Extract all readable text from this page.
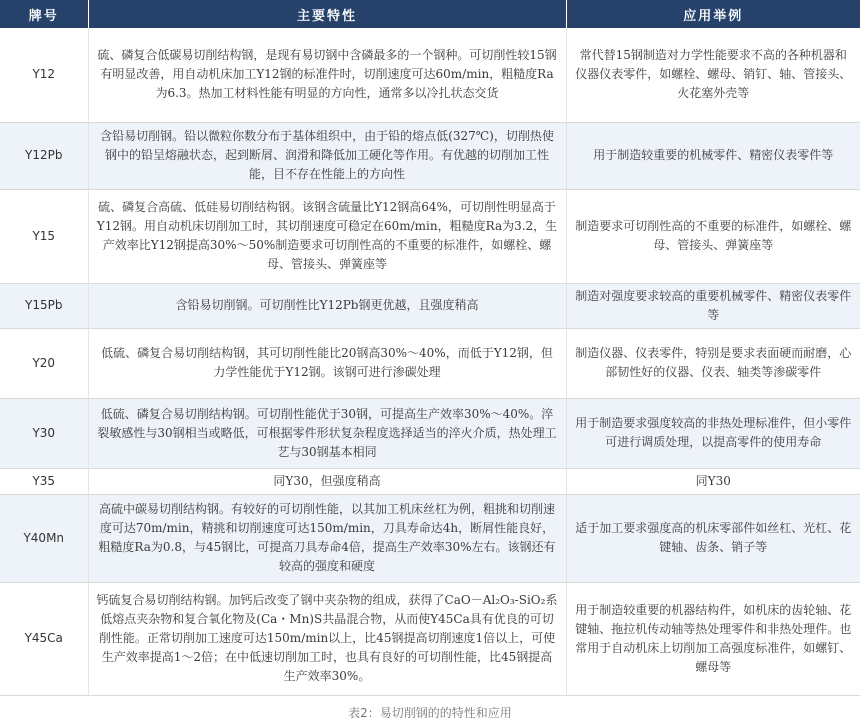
牌号	主要特性	应用举例
Y12	硫、磷复合低碳易切削结构钢，是现有易切钢中含磷最多的一个钢种。可切削性较15钢有明显改善，用自动机床加工Y12钢的标准件时，切削速度可达60m/min，粗糙度Ra为6.3。热加工材料性能有明显的方向性，通常多以冷扎状态交货	常代替15钢制造对力学性能要求不高的各种机器和仪器仪表零件，如螺栓、螺母、销钉、轴、管接头、火花塞外壳等
Y12Pb	含铅易切削钢。铅以微粒你数分布于基体组织中，由于铅的熔点低(327℃)，切削热使钢中的铅呈熔融状态，起到断屑、润滑和降低加工硬化等作用。有优越的切削加工性能，目不存在性能上的方向性	用于制造较重要的机械零件、精密仪表零件等
Y15	硫、磷复合高硫、低硅易切削结构钢。该钢含硫量比Y12钢高64%，可切削性明显高于Y12钢。用自动机床切削加工时，其切削速度可稳定在60m/min，粗糙度Ra为3.2，生产效率比Y12钢提高30%～50%制造要求可切削性高的不重要的标准件，如螺栓、螺母、管接头、弹簧座等	制造要求可切削性高的不重要的标准件，如螺栓、螺母、管接头、弹簧座等
Y15Pb	含铅易切削钢。可切削性比Y12Pb钢更优越，且强度稍高	制造对强度要求较高的重要机械零件、精密仪表零件等
Y20	低硫、磷复合易切削结构钢，其可切削性能比20钢高30%～40%，而低于Y12钢，但力学性能优于Y12钢。该钢可进行渗碳处理	制造仪器、仪表零件，特别是要求表面硬而耐磨，心部韧性好的仪器、仪表、轴类等渗碳零件
Y30	低硫、磷复合易切削结构钢。可切削性能优于30钢，可提高生产效率30%～40%。淬裂敏感性与30钢相当或略低，可根据零件形状复杂程度选择适当的淬火介质，热处理工艺与30钢基本相同	用于制造要求强度较高的非热处理标准件，但小零件可进行调质处理，以提高零件的使用寿命
Y35	同Y30，但强度稍高	同Y30
Y40Mn	高硫中碳易切削结构钢。有较好的可切削性能，以其加工机床丝杠为例，粗挑和切削速度可达70m/min，精挑和切削速度可达150m/min，刀具寿命达4h，断屑性能良好，粗糙度Ra为0.8，与45钢比，可提高刀具寿命4倍，提高生产效率30%左右。该钢还有较高的强度和硬度	适于加工要求强度高的机床零部件如丝杠、光杠、花键轴、齿条、销子等
Y45Ca	钙硫复合易切削结构钢。加钙后改变了钢中夹杂物的组成，获得了CaO－Al₂O₃-SiO₂系低熔点夹杂物和复合氧化物及(Ca・Mn)S共晶混合物，从而使Y45Ca具有优良的可切削性能。正常切削加工速度可达150m/min以上，比45钢提高切削速度1倍以上，可使生产效率提高1～2倍；在中低速切削加工时，也具有良好的可切削性能，比45钢提高生产效率30%。	用于制造较重要的机器结构件，如机床的齿轮轴、花键轴、拖拉机传动轴等热处理零件和非热处理件。也常用于自动机床上切削加工高强度标准件，如螺钉、螺母等
表2：易切削钢的的特性和应用
